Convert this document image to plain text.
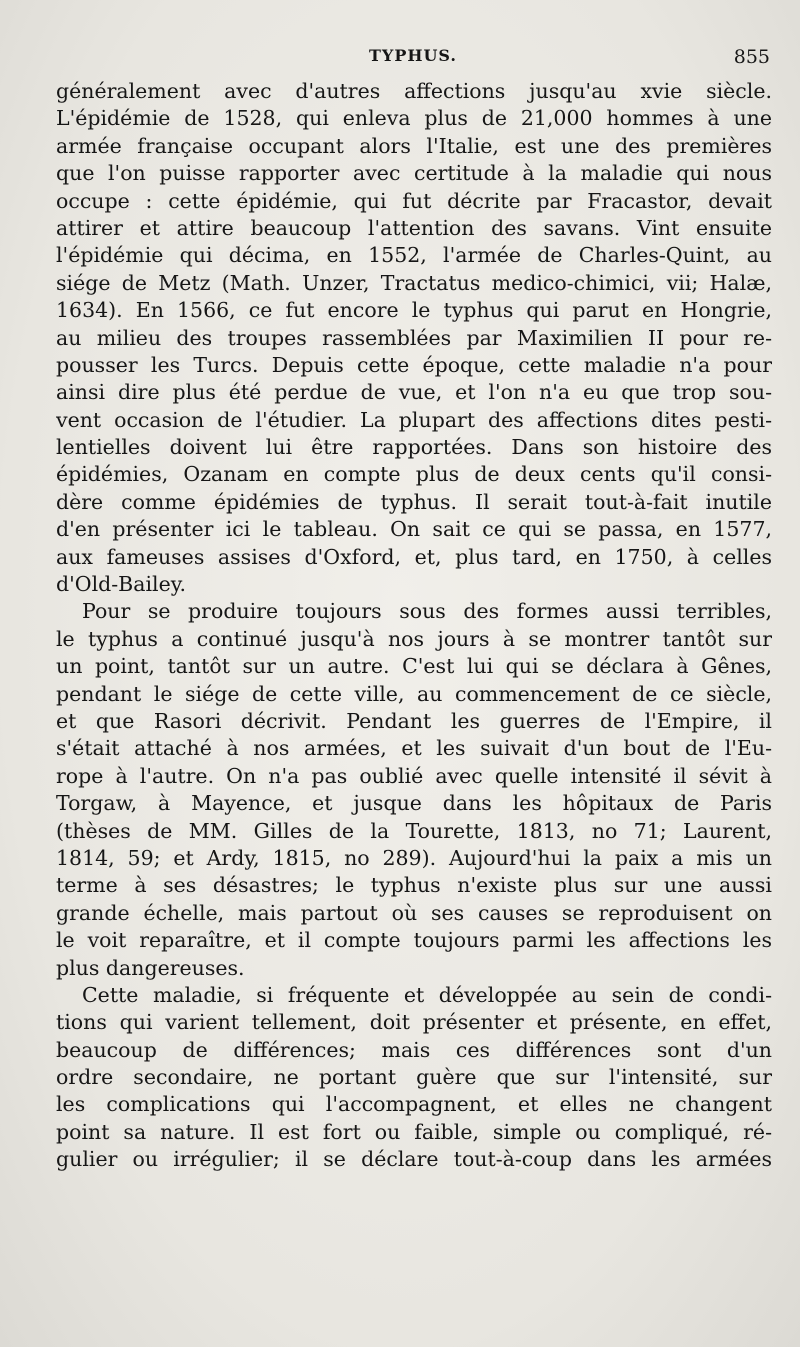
TYPHUS.	855
généralement avec d'autres affections jusqu'au xvie siècle.
L'épidémie de 1528, qui enleva plus de 21,000 hommes à une
armée française occupant alors l'Italie, est une des premières
que l'on puisse rapporter avec certitude à la maladie qui nous
occupe : cette épidémie, qui fut décrite par Fracastor, devait
attirer et attire beaucoup l'attention des savans. Vint ensuite
l'épidémie qui décima, en 1552, l'armée de Charles-Quint, au
siége de Metz (Math. Unzer, Tractatus medico-chimici, vii; Halæ,
1634). En 1566, ce fut encore le typhus qui parut en Hongrie,
au milieu des troupes rassemblées par Maximilien II pour re-
pousser les Turcs. Depuis cette époque, cette maladie n'a pour
ainsi dire plus été perdue de vue, et l'on n'a eu que trop sou-
vent occasion de l'étudier. La plupart des affections dites pesti-
lentielles doivent lui être rapportées. Dans son histoire des
épidémies, Ozanam en compte plus de deux cents qu'il consi-
dère comme épidémies de typhus. Il serait tout-à-fait inutile
d'en présenter ici le tableau. On sait ce qui se passa, en 1577,
aux fameuses assises d'Oxford, et, plus tard, en 1750, à celles
d'Old-Bailey.
Pour se produire toujours sous des formes aussi terribles,
le typhus a continué jusqu'à nos jours à se montrer tantôt sur
un point, tantôt sur un autre. C'est lui qui se déclara à Gênes,
pendant le siége de cette ville, au commencement de ce siècle,
et que Rasori décrivit. Pendant les guerres de l'Empire, il
s'était attaché à nos armées, et les suivait d'un bout de l'Eu-
rope à l'autre. On n'a pas oublié avec quelle intensité il sévit à
Torgaw, à Mayence, et jusque dans les hôpitaux de Paris
(thèses de MM. Gilles de la Tourette, 1813, no 71; Laurent,
1814, 59; et Ardy, 1815, no 289). Aujourd'hui la paix a mis un
terme à ses désastres; le typhus n'existe plus sur une aussi
grande échelle, mais partout où ses causes se reproduisent on
le voit reparaître, et il compte toujours parmi les affections les
plus dangereuses.
Cette maladie, si fréquente et développée au sein de condi-
tions qui varient tellement, doit présenter et présente, en effet,
beaucoup de différences; mais ces différences sont d'un
ordre secondaire, ne portant guère que sur l'intensité, sur
les complications qui l'accompagnent, et elles ne changent
point sa nature. Il est fort ou faible, simple ou compliqué, ré-
gulier ou irrégulier; il se déclare tout-à-coup dans les armées
